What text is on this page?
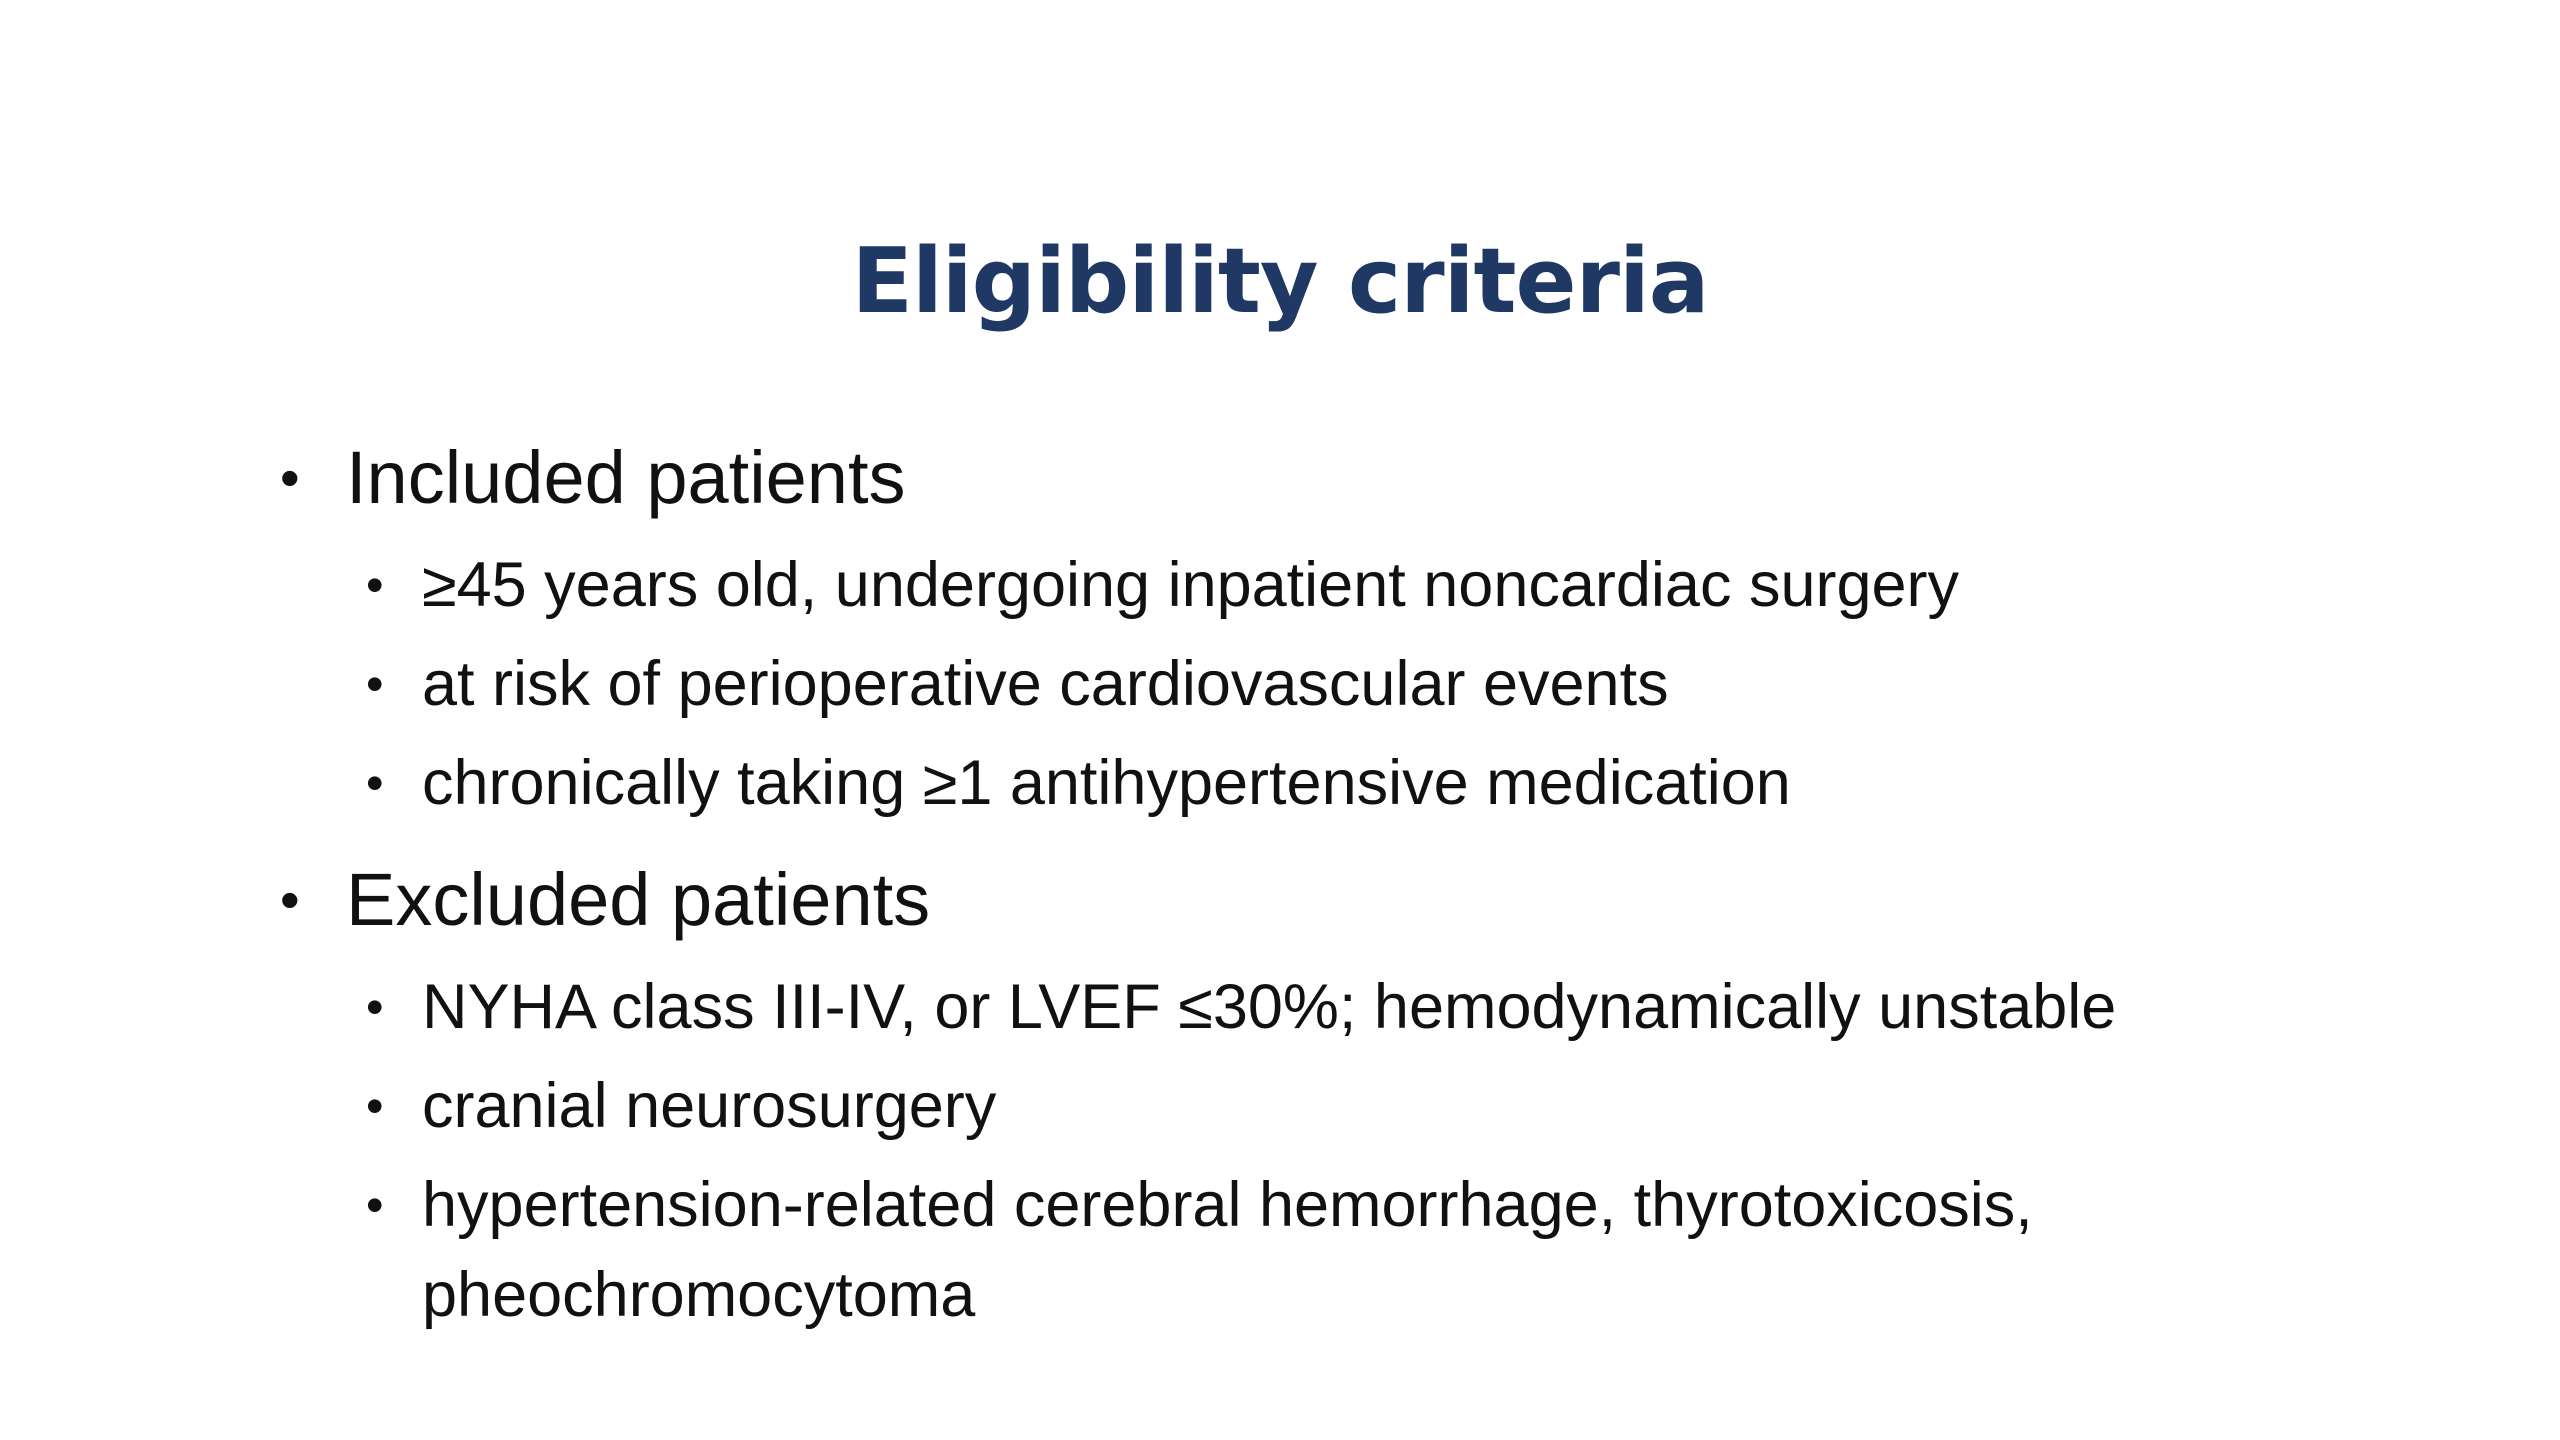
Eligibility criteria
• Included patients
• ≥45 years old, undergoing inpatient noncardiac surgery
• at risk of perioperative cardiovascular events
• chronically taking ≥1 antihypertensive medication
• Excluded patients
• NYHA class III-IV, or LVEF ≤30%; hemodynamically unstable
• cranial neurosurgery
• hypertension-related cerebral hemorrhage, thyrotoxicosis,
pheochromocytoma
